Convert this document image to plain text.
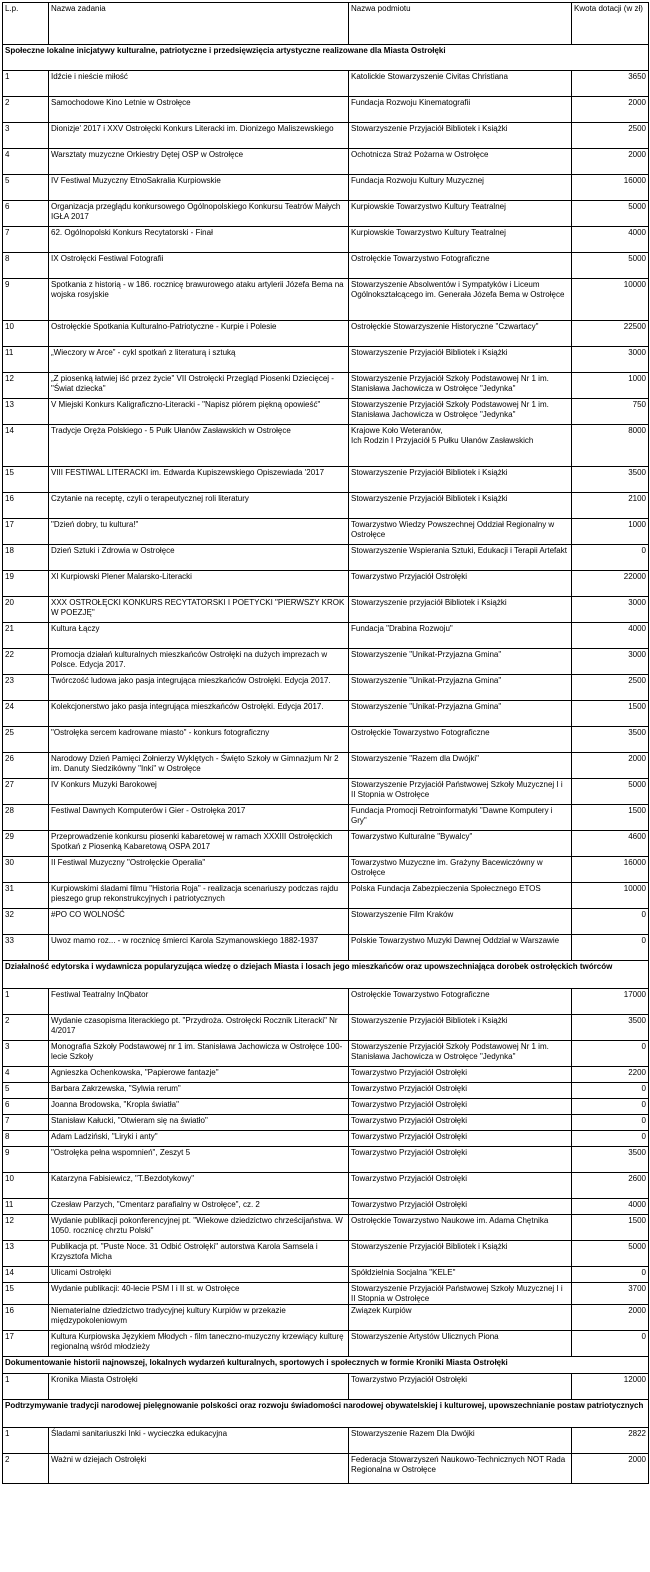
L.p.	Nazwa zadania	Nazwa podmiotu	Kwota dotacji (w zł)
Społeczne lokalne inicjatywy kulturalne, patriotyczne i przedsięwzięcia artystyczne realizowane dla Miasta Ostrołęki			
1	Idźcie i nieście miłość	Katolickie Stowarzyszenie Civitas Christiana	3650
2	Samochodowe Kino Letnie w Ostrołęce	Fundacja Rozwoju Kinematografii	2000
3	Dionizje' 2017 i XXV Ostrołęcki Konkurs Literacki im. Dionizego Maliszewskiego	Stowarzyszenie Przyjaciół Bibliotek i Książki	2500
4	Warsztaty muzyczne Orkiestry Dętej OSP w Ostrołęce	Ochotnicza Straż Pożarna w Ostrołęce	2000
5	IV Festiwal Muzyczny EtnoSakralia Kurpiowskie	Fundacja Rozwoju Kultury Muzycznej	16000
6	Organizacja przeglądu konkursowego Ogólnopolskiego Konkursu Teatrów Małych IGŁA 2017	Kurpiowskie Towarzystwo Kultury Teatralnej	5000
7	62. Ogólnopolski Konkurs Recytatorski - Finał	Kurpiowskie Towarzystwo Kultury Teatralnej	4000
8	IX Ostrołęcki Festiwal Fotografii	Ostrołęckie Towarzystwo Fotograficzne	5000
9	Spotkania z historią - w 186. rocznicę brawurowego ataku artylerii Józefa Bema na wojska rosyjskie	Stowarzyszenie Absolwentów i Sympatyków i Liceum Ogólnokształcącego im. Generała Józefa Bema w Ostrołęce	10000
10	Ostrołęckie Spotkania Kulturalno-Patriotyczne - Kurpie i Polesie	Ostrołęckie Stowarzyszenie Historyczne "Czwartacy"	22500
11	„Wieczory w Arce” - cykl spotkań z literaturą i sztuką	Stowarzyszenie Przyjaciół Bibliotek i Książki	3000
12	„Z piosenką łatwiej iść przez życie" VII Ostrołęcki Przegląd Piosenki Dziecięcej - "Świat dziecka"	Stowarzyszenie Przyjaciół Szkoły Podstawowej Nr 1 im. Stanisława Jachowicza w Ostrołęce "Jedynka"	1000
13	V Miejski Konkurs Kaligraficzno-Literacki - "Napisz piórem piękną opowieść"	Stowarzyszenie Przyjaciół Szkoły Podstawowej Nr 1 im. Stanisława Jachowicza w Ostrołęce "Jedynka"	750
14	Tradycje Oręża Polskiego - 5 Pułk Ułanów Zasławskich w Ostrołęce	Krajowe Koło Weteranów,
Ich Rodzin I Przyjaciół 5 Pułku Ułanów Zasławskich	8000
15	VIII FESTIWAL LITERACKI im. Edwarda Kupiszewskiego Opiszewiada '2017	Stowarzyszenie Przyjaciół Bibliotek i Książki	3500
16	Czytanie na receptę, czyli o terapeutycznej roli literatury	Stowarzyszenie Przyjaciół Bibliotek i Książki	2100
17	"Dzień dobry, tu kultura!"	Towarzystwo Wiedzy Powszechnej Oddział Regionalny w Ostrołęce	1000
18	Dzień Sztuki i Zdrowia w Ostrołęce	Stowarzyszenie Wspierania Sztuki, Edukacji i Terapii Artefakt	0
19	XI Kurpiowski Plener Malarsko-Literacki	Towarzystwo Przyjaciół Ostrołęki	22000
20	XXX OSTROŁĘCKI KONKURS RECYTATORSKI I POETYCKI "PIERWSZY KROK W POEZJĘ"	Stowarzyszenie przyjaciół Bibliotek i Książki	3000
21	Kultura Łączy	Fundacja "Drabina Rozwoju"	4000
22	Promocja działań kulturalnych mieszkańców Ostrołęki na dużych imprezach w Polsce. Edycja 2017.	Stowarzyszenie "Unikat-Przyjazna Gmina"	3000
23	Twórczość ludowa jako pasja integrująca mieszkańców Ostrołęki. Edycja 2017.	Stowarzyszenie "Unikat-Przyjazna Gmina"	2500
24	Kolekcjonerstwo jako pasja integrująca mieszkańców Ostrołęki. Edycja 2017.	Stowarzyszenie "Unikat-Przyjazna Gmina"	1500
25	"Ostrołęka sercem kadrowane miasto" - konkurs fotograficzny	Ostrołęckie Towarzystwo Fotograficzne	3500
26	Narodowy Dzień Pamięci Żołnierzy Wyklętych - Święto Szkoły w Gimnazjum Nr 2 im. Danuty Siedzikówny "Inki" w Ostrołęce	Stowarzyszenie "Razem dla Dwójki"	2000
27	IV Konkurs Muzyki Barokowej	Stowarzyszenie Przyjaciół Państwowej Szkoły Muzycznej I i II Stopnia w Ostrołęce	5000
28	Festiwal Dawnych Komputerów i Gier - Ostrołęka 2017	Fundacja Promocji Retroinformatyki "Dawne Komputery i Gry"	1500
29	Przeprowadzenie konkursu piosenki kabaretowej w ramach XXXIII Ostrołęckich Spotkań z Piosenką Kabaretową OSPA 2017	Towarzystwo Kulturalne "Bywalcy"	4600
30	II Festiwal Muzyczny "Ostrołęckie Operalia"	Towarzystwo Muzyczne im. Grażyny Bacewiczówny w Ostrołęce	16000
31	Kurpiowskimi śladami filmu "Historia Roja" - realizacja scenariuszy podczas rajdu pieszego grup rekonstrukcyjnych i patriotycznych	Polska Fundacja Zabezpieczenia Społecznego ETOS	10000
32	#PO CO WOLNOŚĆ	Stowarzyszenie Film Kraków	0
33	Uwoz mamo roz... - w rocznicę śmierci Karola Szymanowskiego 1882-1937	Polskie Towarzystwo Muzyki Dawnej Oddział w Warszawie	0
Działalność edytorska i wydawnicza popularyzująca wiedzę o dziejach Miasta i losach jego mieszkańców oraz upowszechniająca dorobek ostrołęckich twórców			
1	Festiwal Teatralny InQbator	Ostrołęckie Towarzystwo Fotograficzne	17000
2	Wydanie czasopisma literackiego pt. "Przydroża. Ostrołęcki Rocznik Literacki" Nr 4/2017	Stowarzyszenie Przyjaciół Bibliotek i Książki	3500
3	Monografia Szkoły Podstawowej nr 1 im. Stanisława Jachowicza w Ostrołęce 100-lecie Szkoły	Stowarzyszenie Przyjaciół Szkoły Podstawowej Nr 1 im. Stanisława Jachowicza w Ostrołęce "Jedynka"	0
4	Agnieszka Ochenkowska, "Papierowe fantazje"	Towarzystwo Przyjaciół Ostrołęki	2200
5	Barbara Zakrzewska, "Sylwia rerum"	Towarzystwo Przyjaciół Ostrołęki	0
6	Joanna Brodowska, "Kropla światła"	Towarzystwo Przyjaciół Ostrołęki	0
7	Stanisław Kałucki, "Otwieram się na światło"	Towarzystwo Przyjaciół Ostrołęki	0
8	Adam Ladziński, "Liryki i anty"	Towarzystwo Przyjaciół Ostrołęki	0
9	"Ostrołęka pełna wspomnień", Zeszyt 5	Towarzystwo Przyjaciół Ostrołęki	3500
10	Katarzyna Fabisiewicz, "T.Bezdotykowy"	Towarzystwo Przyjaciół Ostrołęki	2600
11	Czesław Parzych, "Cmentarz parafialny w Ostrołęce", cz. 2	Towarzystwo Przyjaciół Ostrołęki	4000
12	Wydanie publikacji pokonferencyjnej pt. "Wiekowe dziedzictwo chrześcijaństwa. W 1050. rocznicę chrztu Polski"	Ostrołęckie Towarzystwo Naukowe im. Adama Chętnika	1500
13	Publikacja pt. "Puste Noce. 31 Odbić Ostrołęki" autorstwa Karola Samsela i Krzysztofa Micha	Stowarzyszenie Przyjaciół Bibliotek i Książki	5000
14	Ulicami Ostrołęki	Spółdzielnia Socjalna "KELE"	0
15	Wydanie publikacji: 40-lecie PSM I i II st. w Ostrołęce	Stowarzyszenie Przyjaciół Państwowej Szkoły Muzycznej I i II Stopnia w Ostrołęce	3700
16	Niematerialne dziedzictwo tradycyjnej kultury Kurpiów w przekazie międzypokoleniowym	Związek Kurpiów	2000
17	Kultura Kurpiowska Językiem Młodych - film taneczno-muzyczny krzewiący kulturę regionalną wśród młodzieży	Stowarzyszenie Artystów Ulicznych Piona	0
Dokumentowanie historii najnowszej, lokalnych wydarzeń kulturalnych, sportowych i społecznych w formie Kroniki Miasta Ostrołęki			
1	Kronika Miasta Ostrołęki	Towarzystwo Przyjaciół Ostrołęki	12000
Podtrzymywanie tradycji narodowej pielęgnowanie polskości oraz rozwoju świadomości narodowej obywatelskiej i kulturowej, upowszechnianie postaw patriotycznych			
1	Śladami sanitariuszki Inki - wycieczka edukacyjna	Stowarzyszenie Razem Dla Dwójki	2822
2	Ważni w dziejach Ostrołęki	Federacja Stowarzyszeń Naukowo-Technicznych NOT Rada Regionalna w Ostrołęce	2000
